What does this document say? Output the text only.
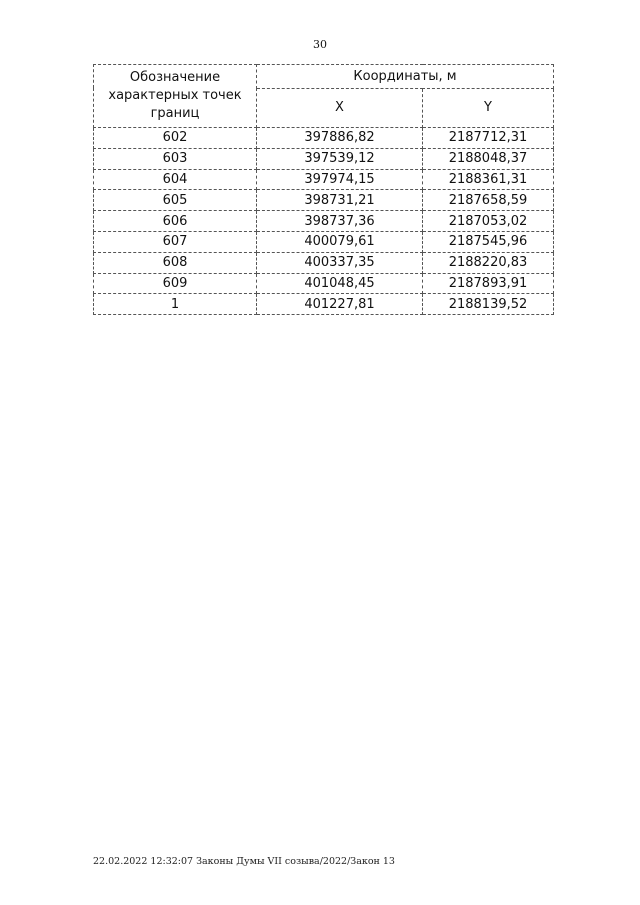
30
Обозначение характерных точек границ	Координаты, м	
	X	Y
602	397886,82	2187712,31
603	397539,12	2188048,37
604	397974,15	2188361,31
605	398731,21	2187658,59
606	398737,36	2187053,02
607	400079,61	2187545,96
608	400337,35	2188220,83
609	401048,45	2187893,91
1	401227,81	2188139,52
22.02.2022 12:32:07 Законы Думы VII созыва/2022/Закон 13
